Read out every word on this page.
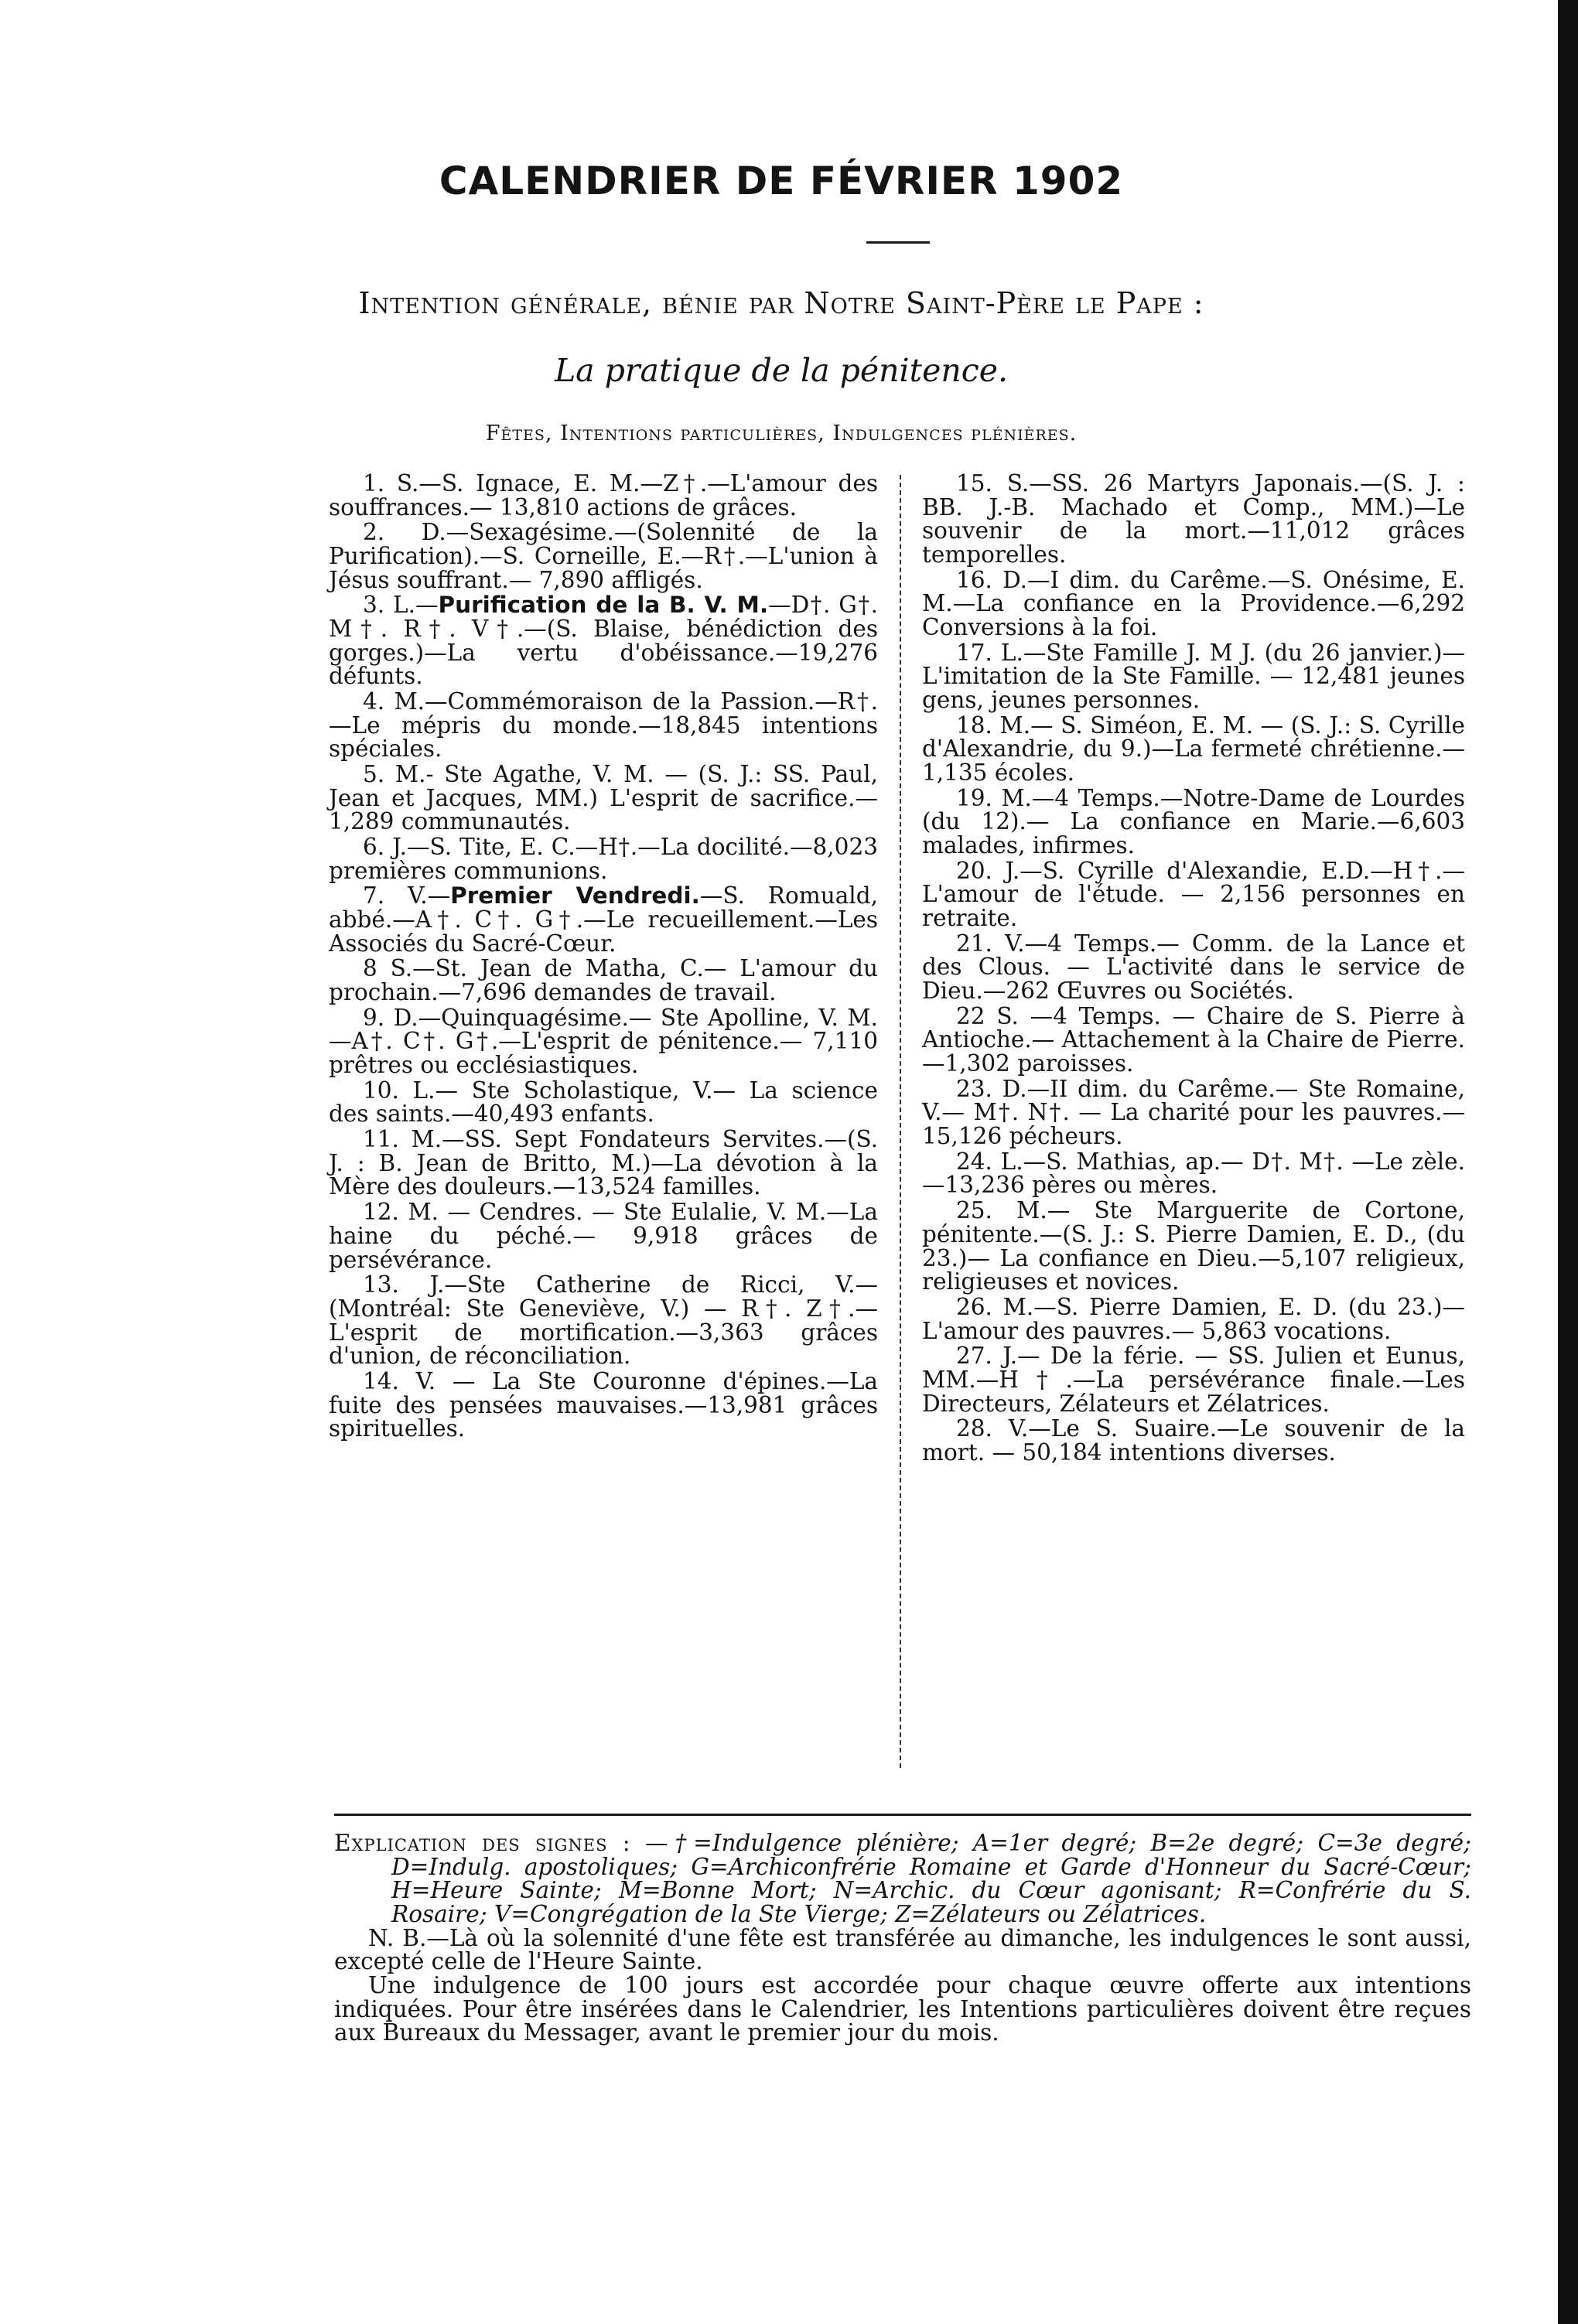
CALENDRIER DE FÉVRIER 1902
Intention générale, bénie par Notre Saint-Père le Pape :
La pratique de la pénitence.
Fêtes, Intentions particulières, Indulgences plénières.

1. S.—S. Ignace, E. M.—Z†.—L'amour des souffrances.— 13,810 actions de grâces.

2. D.—Sexagésime.—(Solennité de la Purification).—S. Corneille, E.—R†.—L'union à Jésus souffrant.— 7,890 affligés.

3. L.—Purification de la B. V. M.—D†. G†. M†. R†. V†.—(S. Blaise, bénédiction des gorges.)—La vertu d'obéissance.—19,276 défunts.

4. M.—Commémoraison de la Passion.—R†.—Le mépris du monde.—18,845 intentions spéciales.

5. M.- Ste Agathe, V. M. — (S. J.: SS. Paul, Jean et Jacques, MM.) L'esprit de sacrifice.— 1,289 communautés.

6. J.—S. Tite, E. C.—H†.—La docilité.—8,023 premières communions.

7. V.—Premier Vendredi.—S. Romuald, abbé.—A†. C†. G†.—Le recueillement.—Les Associés du Sacré-Cœur.

8 S.—St. Jean de Matha, C.— L'amour du prochain.—7,696 demandes de travail.

9. D.—Quinquagésime.— Ste Apolline, V. M.—A†. C†. G†.—L'esprit de pénitence.— 7,110 prêtres ou ecclésiastiques.

10. L.— Ste Scholastique, V.— La science des saints.—40,493 enfants.

11. M.—SS. Sept Fondateurs Servites.—(S. J. : B. Jean de Britto, M.)—La dévotion à la Mère des douleurs.—13,524 familles.

12. M. — Cendres. — Ste Eulalie, V. M.—La haine du péché.— 9,918 grâces de persévérance.

13. J.—Ste Catherine de Ricci, V.—(Montréal: Ste Geneviève, V.) — R†. Z†.— L'esprit de mortification.—3,363 grâces d'union, de réconciliation.

14. V. — La Ste Couronne d'épines.—La fuite des pensées mauvaises.—13,981 grâces spirituelles.

15. S.—SS. 26 Martyrs Japonais.—(S. J. : BB. J.-B. Machado et Comp., MM.)—Le souvenir de la mort.—11,012 grâces temporelles.

16. D.—I dim. du Carême.—S. Onésime, E. M.—La confiance en la Providence.—6,292 Conversions à la foi.

17. L.—Ste Famille J. M J. (du 26 janvier.)—L'imitation de la Ste Famille. — 12,481 jeunes gens, jeunes personnes.

18. M.— S. Siméon, E. M. — (S. J.: S. Cyrille d'Alexandrie, du 9.)—La fermeté chrétienne.—1,135 écoles.

19. M.—4 Temps.—Notre-Dame de Lourdes (du 12).— La confiance en Marie.—6,603 malades, infirmes.

20. J.—S. Cyrille d'Alexandie, E.D.—H†.— L'amour de l'étude. — 2,156 personnes en retraite.

21. V.—4 Temps.— Comm. de la Lance et des Clous. — L'activité dans le service de Dieu.—262 Œuvres ou Sociétés.

22 S. —4 Temps. — Chaire de S. Pierre à Antioche.— Attachement à la Chaire de Pierre.—1,302 paroisses.

23. D.—II dim. du Carême.— Ste Romaine, V.— M†. N†. — La charité pour les pauvres.— 15,126 pécheurs.

24. L.—S. Mathias, ap.— D†. M†. —Le zèle.—13,236 pères ou mères.

25. M.— Ste Marguerite de Cortone, pénitente.—(S. J.: S. Pierre Damien, E. D., (du 23.)— La confiance en Dieu.—5,107 religieux, religieuses et novices.

26. M.—S. Pierre Damien, E. D. (du 23.)—L'amour des pauvres.— 5,863 vocations.

27. J.— De la férie. — SS. Julien et Eunus, MM.—H†.—La persévérance finale.—Les Directeurs, Zélateurs et Zélatrices.

28. V.—Le S. Suaire.—Le souvenir de la mort. — 50,184 intentions diverses.

Explication des signes : —†=Indulgence plénière; A=1er degré; B=2e degré; C=3e degré; D=Indulg. apostoliques; G=Archiconfrérie Romaine et Garde d'Honneur du Sacré-Cœur; H=Heure Sainte; M=Bonne Mort; N=Archic. du Cœur agonisant; R=Confrérie du S. Rosaire; V=Congrégation de la Ste Vierge; Z=Zélateurs ou Zélatrices.

N. B.—Là où la solennité d'une fête est transférée au dimanche, les indulgences le sont aussi, excepté celle de l'Heure Sainte.

Une indulgence de 100 jours est accordée pour chaque œuvre offerte aux intentions indiquées. Pour être insérées dans le Calendrier, les Intentions particulières doivent être reçues aux Bureaux du Messager, avant le premier jour du mois.
